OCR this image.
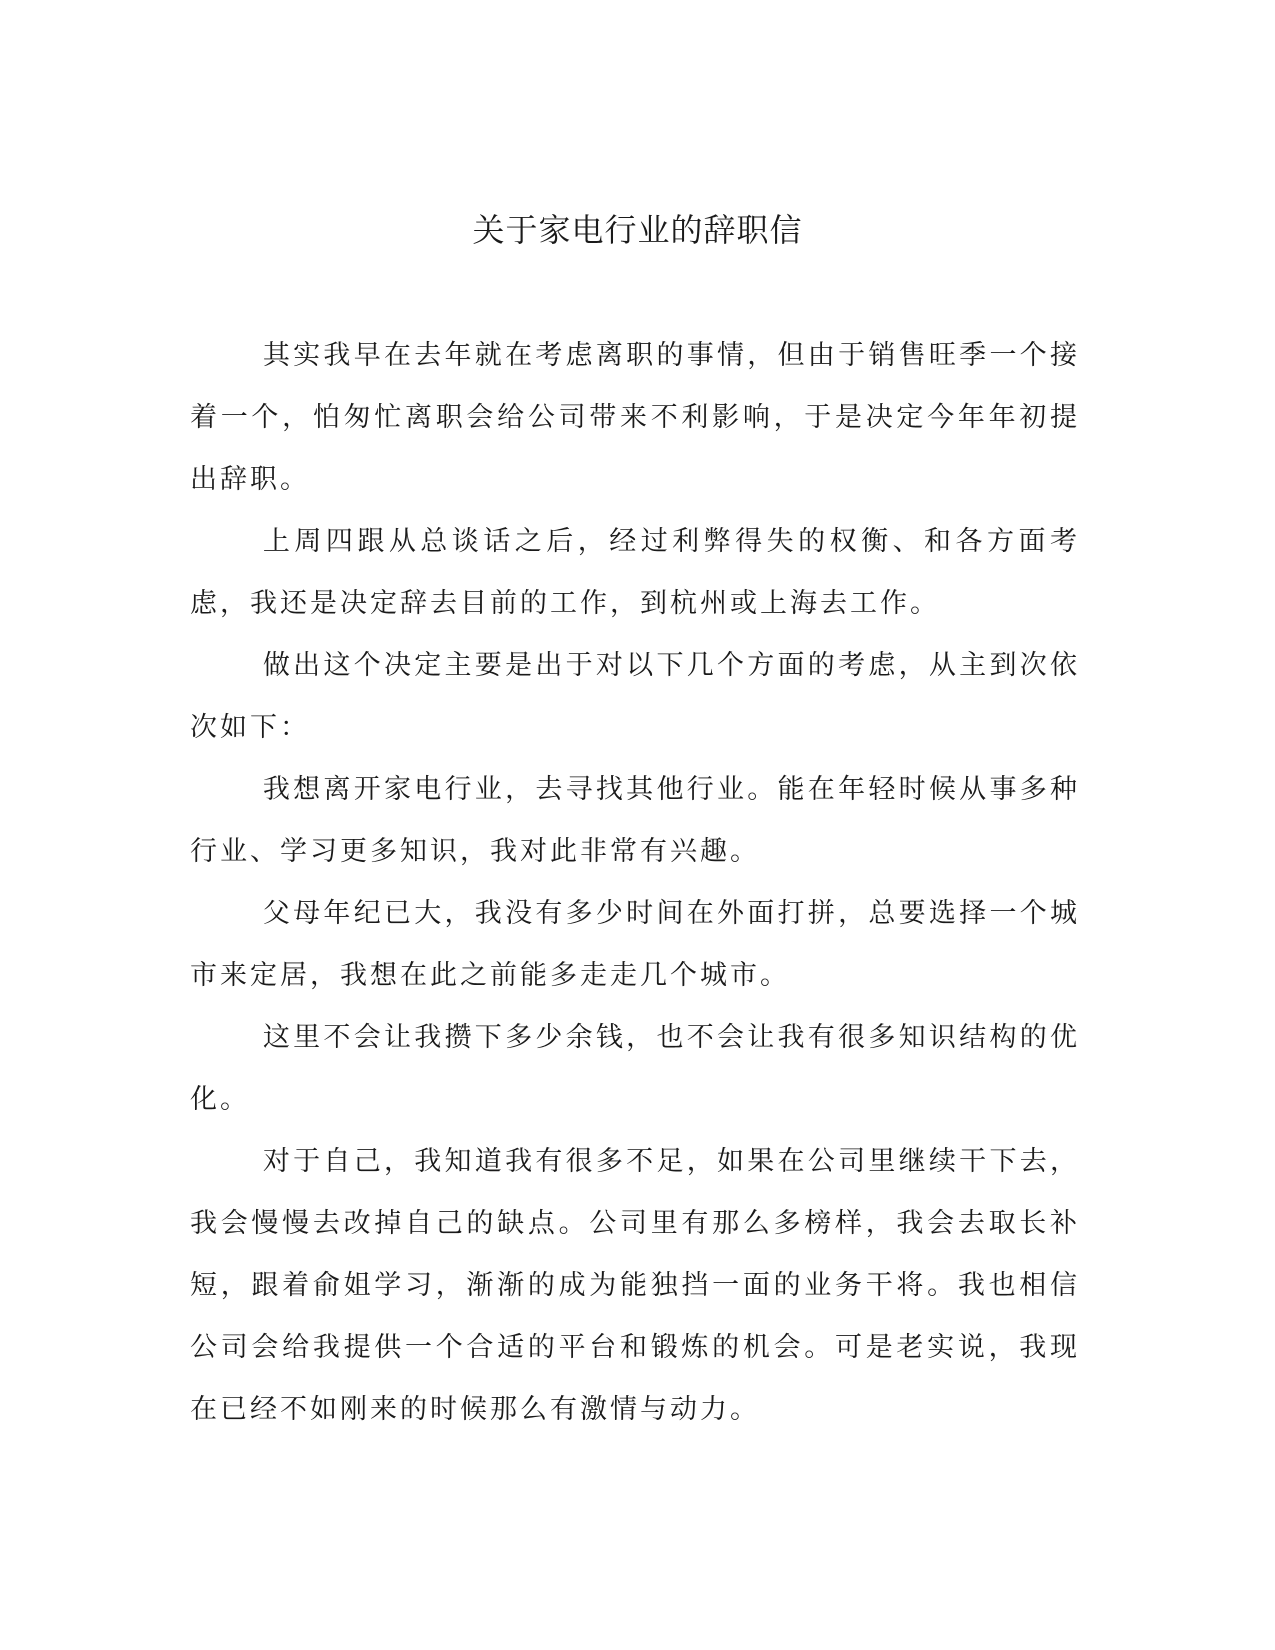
关于家电行业的辞职信

其实我早在去年就在考虑离职的事情，但由于销售旺季一个接着一个，怕匆忙离职会给公司带来不利影响，于是决定今年年初提出辞职。

上周四跟从总谈话之后，经过利弊得失的权衡、和各方面考虑，我还是决定辞去目前的工作，到杭州或上海去工作。

做出这个决定主要是出于对以下几个方面的考虑，从主到次依次如下：

我想离开家电行业，去寻找其他行业。能在年轻时候从事多种行业、学习更多知识，我对此非常有兴趣。

父母年纪已大，我没有多少时间在外面打拼，总要选择一个城市来定居，我想在此之前能多走走几个城市。

这里不会让我攒下多少余钱，也不会让我有很多知识结构的优化。

对于自己，我知道我有很多不足，如果在公司里继续干下去，我会慢慢去改掉自己的缺点。公司里有那么多榜样，我会去取长补短，跟着俞姐学习，渐渐的成为能独挡一面的业务干将。我也相信公司会给我提供一个合适的平台和锻炼的机会。可是老实说，我现在已经不如刚来的时候那么有激情与动力。
